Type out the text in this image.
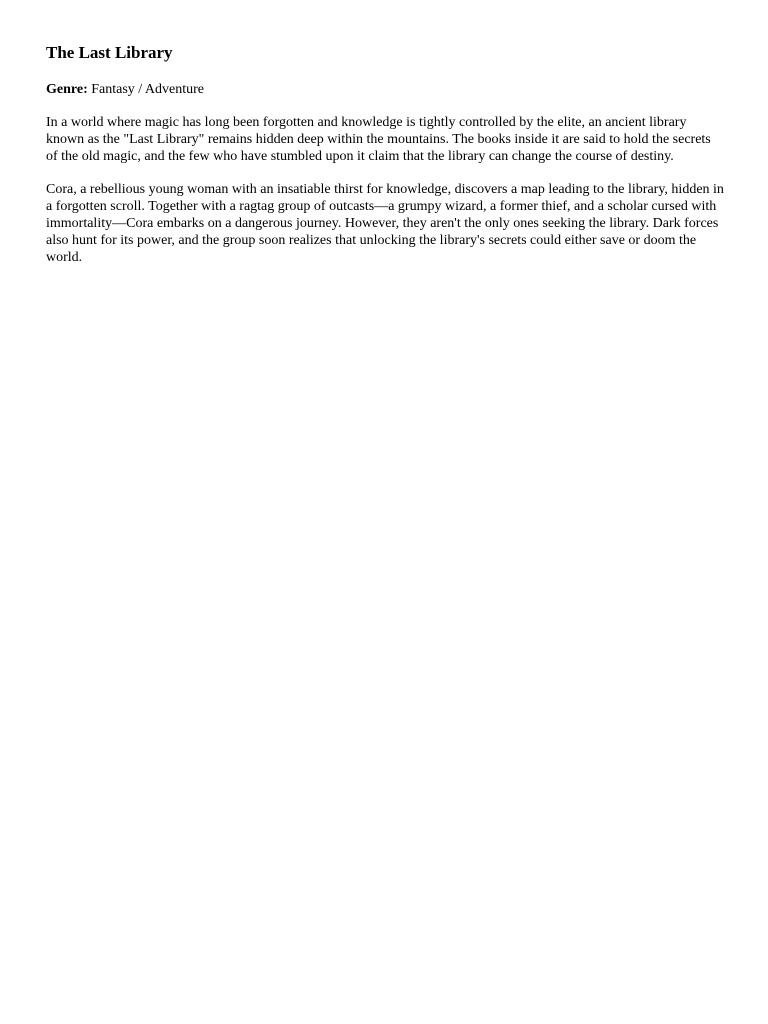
The Last Library

Genre: Fantasy / Adventure

In a world where magic has long been forgotten and knowledge is tightly controlled by the elite, an ancient library known as the "Last Library" remains hidden deep within the mountains. The books inside it are said to hold the secrets of the old magic, and the few who have stumbled upon it claim that the library can change the course of destiny.

Cora, a rebellious young woman with an insatiable thirst for knowledge, discovers a map leading to the library, hidden in a forgotten scroll. Together with a ragtag group of outcasts—a grumpy wizard, a former thief, and a scholar cursed with immortality—Cora embarks on a dangerous journey. However, they aren't the only ones seeking the library. Dark forces also hunt for its power, and the group soon realizes that unlocking the library's secrets could either save or doom the world.
